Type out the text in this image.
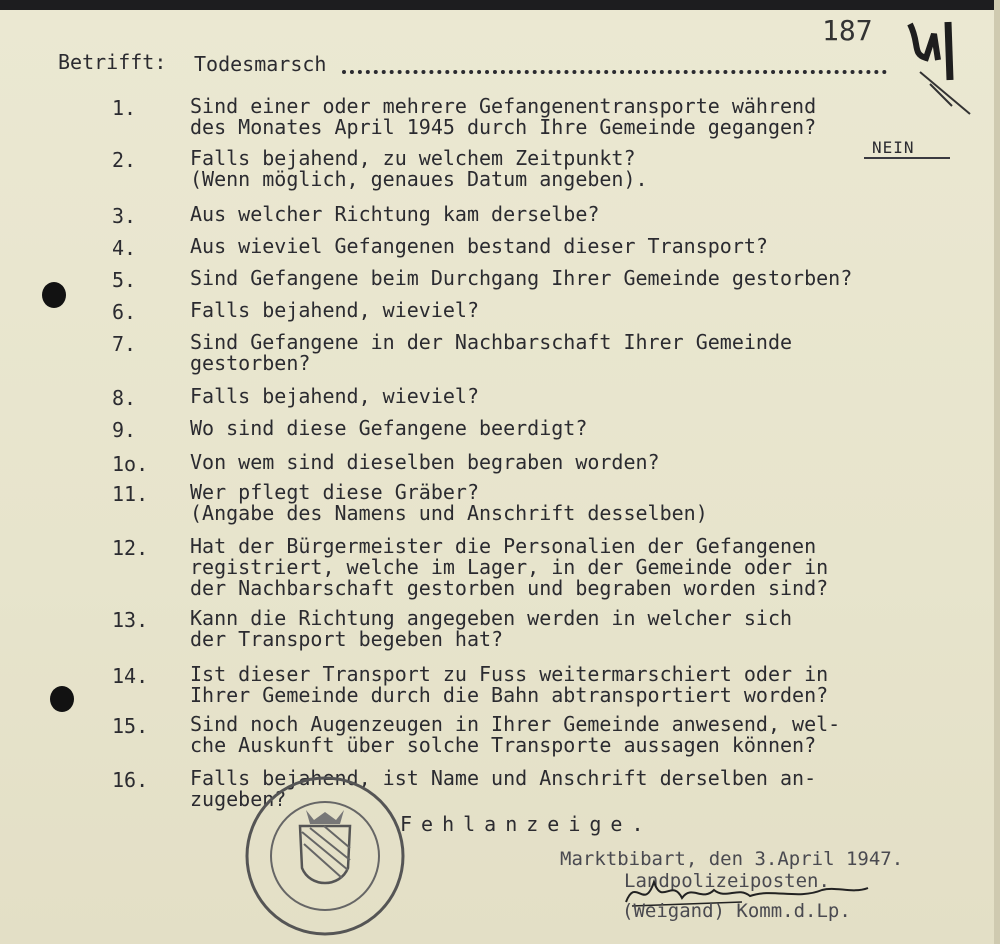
187
Betrifft: Todesmarsch
NEIN
1.	Sind einer oder mehrere Gefangenentransporte während
des Monates April 1945 durch Ihre Gemeinde gegangen?
2.	Falls bejahend, zu welchem Zeitpunkt?
(Wenn möglich, genaues Datum angeben).
3.	Aus welcher Richtung kam derselbe?
4.	Aus wieviel Gefangenen bestand dieser Transport?
5.	Sind Gefangene beim Durchgang Ihrer Gemeinde gestorben?
6.	Falls bejahend, wieviel?
7.	Sind Gefangene in der Nachbarschaft Ihrer Gemeinde
gestorben?
8.	Falls bejahend, wieviel?
9.	Wo sind diese Gefangene beerdigt?
1o. Von wem sind dieselben begraben worden?
11. Wer pflegt diese Gräber?
(Angabe des Namens und Anschrift desselben)
12. Hat der Bürgermeister die Personalien der Gefangenen
registriert, welche im Lager, in der Gemeinde oder in
der Nachbarschaft gestorben und begraben worden sind?
13. Kann die Richtung angegeben werden in welcher sich
der Transport begeben hat?
14. Ist dieser Transport zu Fuss weitermarschiert oder in
Ihrer Gemeinde durch die Bahn abtransportiert worden?
15. Sind noch Augenzeugen in Ihrer Gemeinde anwesend, wel-
che Auskunft über solche Transporte aussagen können?
16. Falls bejahend, ist Name und Anschrift derselben an-
zugeben?
Fehlanzeige.
Marktbibart, den 3.April 1947.
Landpolizeiposten.
(Weigand) Komm.d.Lp.
